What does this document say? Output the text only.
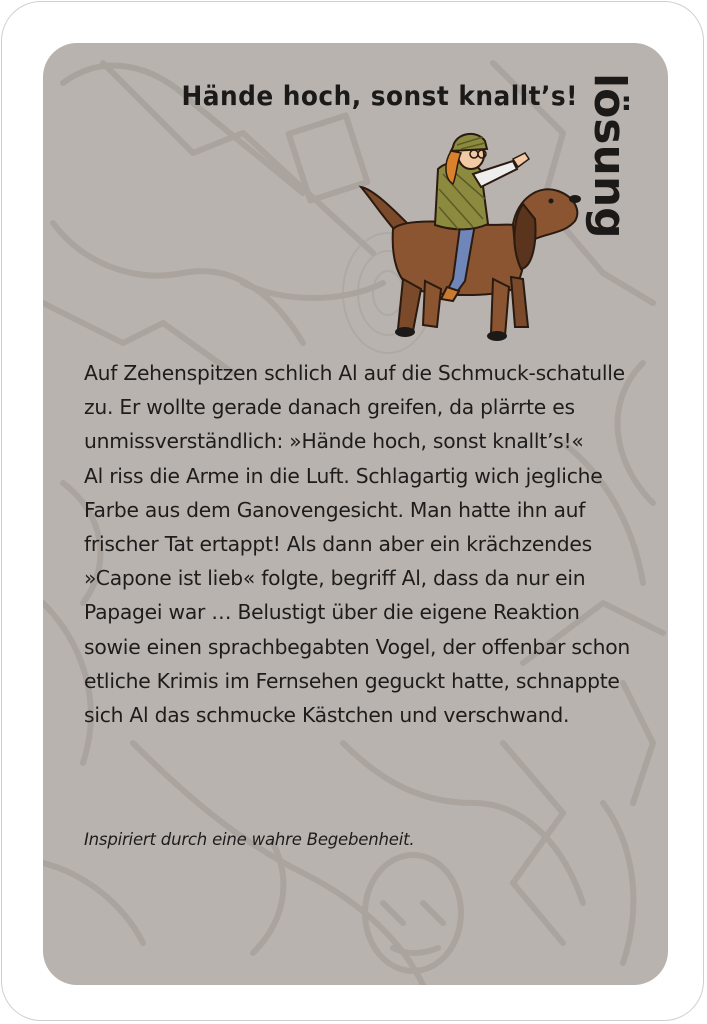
Hände hoch, sonst knallt’s! lösung

Auf Zehenspitzen schlich Al auf die Schmuck-schatulle zu. Er wollte gerade danach greifen, da plärrte es unmissverständlich: »Hände hoch, sonst knallt’s!«

Al riss die Arme in die Luft. Schlagartig wich jegliche Farbe aus dem Ganovengesicht. Man hatte ihn auf frischer Tat ertappt! Als dann aber ein krächzendes »Capone ist lieb« folgte, begriff Al, dass da nur ein Papagei war … Belustigt über die eigene Reaktion sowie einen sprachbegabten Vogel, der offenbar schon etliche Krimis im Fernsehen geguckt hatte, schnappte sich Al das schmucke Kästchen und verschwand.

Inspiriert durch eine wahre Begebenheit.
